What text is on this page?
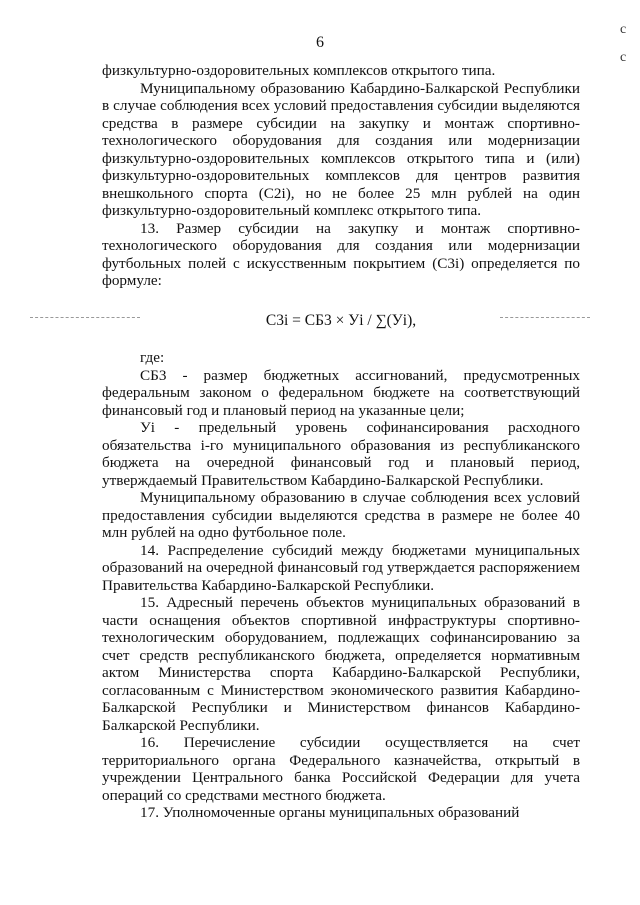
6
с
с

физкультурно-оздоровительных комплексов открытого типа.

Муниципальному образованию Кабардино-Балкарской Республики в случае соблюдения всех условий предоставления субсидии выделяются средства в размере субсидии на закупку и монтаж спортивно-технологического оборудования для создания или модернизации физкультурно-оздоровительных комплексов открытого типа и (или) физкультурно-оздоровительных комплексов для центров развития внешкольного спорта (С2i), но не более 25 млн рублей на один физкультурно-оздоровительный комплекс открытого типа.

13. Размер субсидии на закупку и монтаж спортивно-технологического оборудования для создания или модернизации футбольных полей с искусственным покрытием (С3i) определяется по формуле:

С3i = СБ3 × Уi / ∑(Уi),

где:

СБ3 - размер бюджетных ассигнований, предусмотренных федеральным законом о федеральном бюджете на соответствующий финансовый год и плановый период на указанные цели;

Уi - предельный уровень софинансирования расходного обязательства i-го муниципального образования из республиканского бюджета на очередной финансовый год и плановый период, утверждаемый Правительством Кабардино-Балкарской Республики.

Муниципальному образованию в случае соблюдения всех условий предоставления субсидии выделяются средства в размере не более 40 млн рублей на одно футбольное поле.

14. Распределение субсидий между бюджетами муниципальных образований на очередной финансовый год утверждается распоряжением Правительства Кабардино-Балкарской Республики.

15. Адресный перечень объектов муниципальных образований в части оснащения объектов спортивной инфраструктуры спортивно-технологическим оборудованием, подлежащих софинансированию за счет средств республиканского бюджета, определяется нормативным актом Министерства спорта Кабардино-Балкарской Республики, согласованным с Министерством экономического развития Кабардино-Балкарской Республики и Министерством финансов Кабардино-Балкарской Республики.

16. Перечисление субсидии осуществляется на счет территориального органа Федерального казначейства, открытый в учреждении Центрального банка Российской Федерации для учета операций со средствами местного бюджета.

17. Уполномоченные органы муниципальных образований
